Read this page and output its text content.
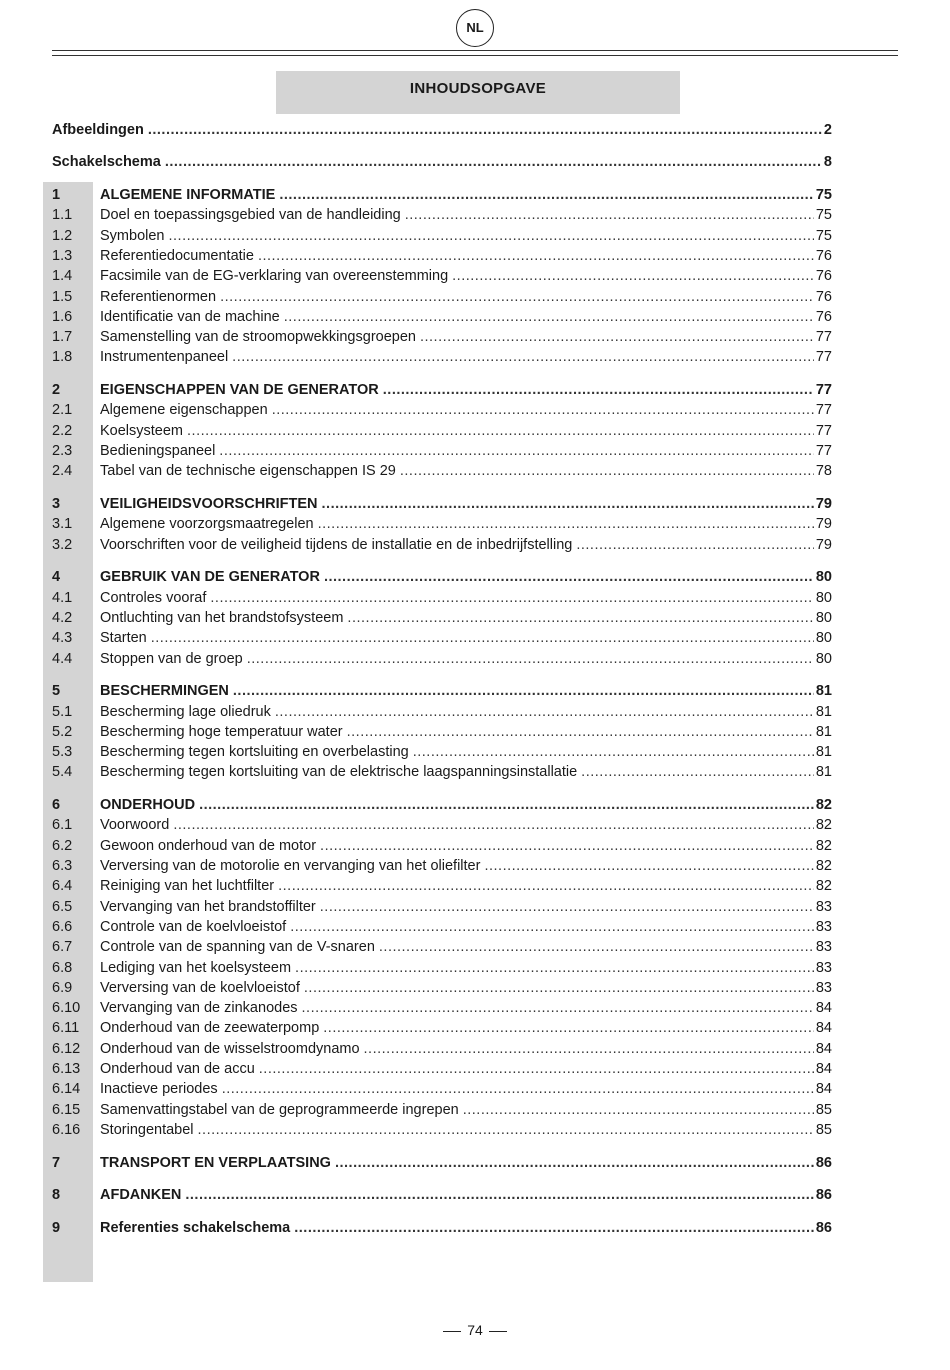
NL
INHOUDSOPGAVE
Afbeeldingen .....	2
Schakelschema .....	8
1	ALGEMENE INFORMATIE .....	75
1.1	Doel en toepassingsgebied van de handleiding .....	75
1.2	Symbolen .....	75
1.3	Referentiedocumentatie .....	76
1.4	Facsimile van de EG-verklaring van overeenstemming .....	76
1.5	Referentienormen .....	76
1.6	Identificatie van de machine .....	76
1.7	Samenstelling van de stroomopwekkingsgroepen .....	77
1.8	Instrumentenpaneel .....	77
2	EIGENSCHAPPEN VAN DE GENERATOR .....	77
2.1	Algemene eigenschappen .....	77
2.2	Koelsysteem .....	77
2.3	Bedieningspaneel .....	77
2.4	Tabel van de technische eigenschappen IS 29 .....	78
3	VEILIGHEIDSVOORSCHRIFTEN .....	79
3.1	Algemene voorzorgsmaatregelen .....	79
3.2	Voorschriften voor de veiligheid tijdens de installatie en de inbedrijfstelling .....	79
4	GEBRUIK VAN DE GENERATOR .....	80
4.1	Controles vooraf .....	80
4.2	Ontluchting van het brandstofsysteem .....	80
4.3	Starten .....	80
4.4	Stoppen van de groep .....	80
5	BESCHERMINGEN .....	81
5.1	Bescherming lage oliedruk .....	81
5.2	Bescherming hoge temperatuur water .....	81
5.3	Bescherming tegen kortsluiting en overbelasting .....	81
5.4	Bescherming tegen kortsluiting van de elektrische laagspanningsinstallatie .....	81
6	ONDERHOUD .....	82
6.1	Voorwoord .....	82
6.2	Gewoon onderhoud van de motor .....	82
6.3	Verversing van de motorolie en vervanging van het oliefilter .....	82
6.4	Reiniging van het luchtfilter .....	82
6.5	Vervanging van het brandstoffilter .....	83
6.6	Controle van de koelvloeistof .....	83
6.7	Controle van de spanning van de V-snaren .....	83
6.8	Lediging van het koelsysteem .....	83
6.9	Verversing van de koelvloeistof .....	83
6.10	Vervanging van de zinkanodes .....	84
6.11	Onderhoud van de zeewaterpomp .....	84
6.12	Onderhoud van de wisselstroomdynamo .....	84
6.13	Onderhoud van de accu .....	84
6.14	Inactieve periodes .....	84
6.15	Samenvattingstabel van de geprogrammeerde ingrepen .....	85
6.16	Storingentabel .....	85
7	TRANSPORT EN VERPLAATSING .....	86
8	AFDANKEN .....	86
9	Referenties schakelschema .....	86
74
